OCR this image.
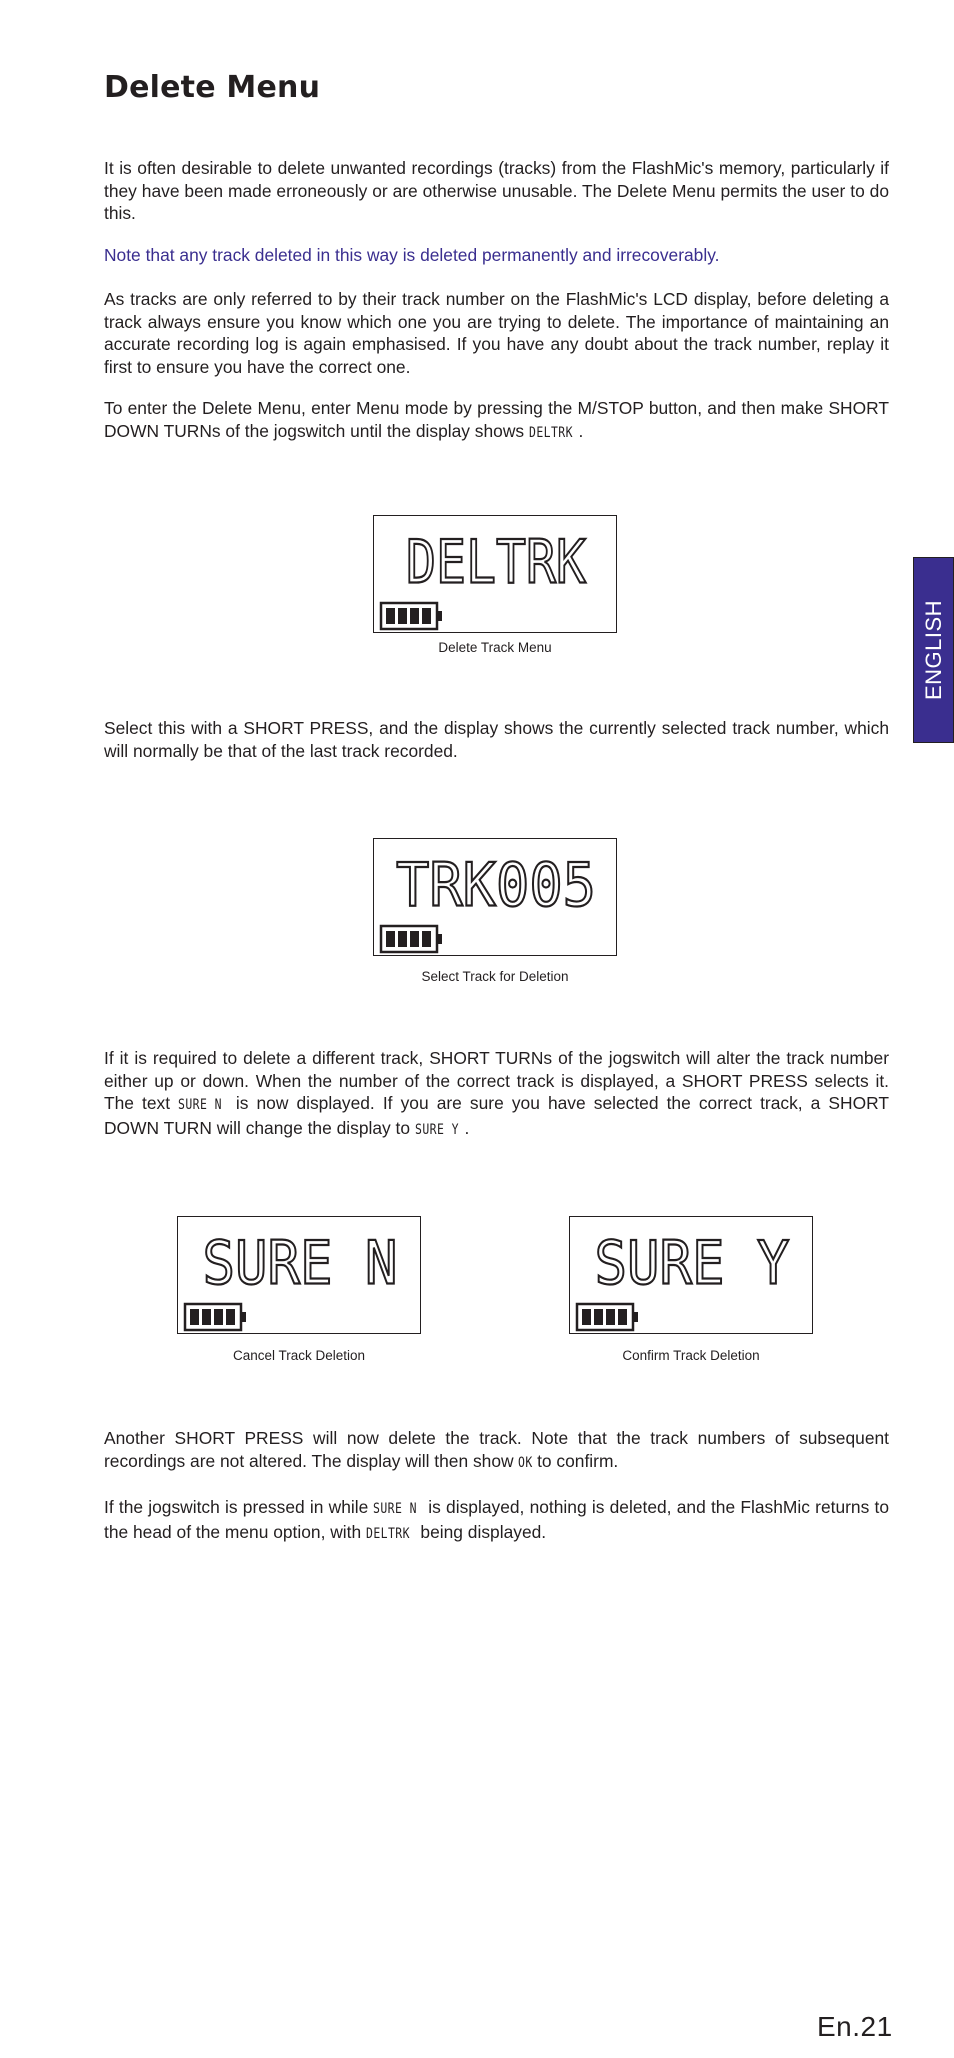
Delete Menu

It is often desirable to delete unwanted recordings (tracks) from the FlashMic's memory, particularly if they have been made erroneously or are otherwise unusable. The Delete Menu permits the user to do this.

Note that any track deleted in this way is deleted permanently and irrecoverably.

As tracks are only referred to by their track number on the FlashMic's LCD display, before deleting a track always ensure you know which one you are trying to delete. The importance of maintaining an accurate recording log is again emphasised. If you have any doubt about the track number, replay it first to ensure you have the correct one.

To enter the Delete Menu, enter Menu mode by pressing the M/STOP button, and then make SHORT DOWN TURNs of the jogswitch until the display shows DELTRK .

DELTRK

Delete Track Menu

Select this with a SHORT PRESS, and the display shows the currently selected track number, which will normally be that of the last track recorded.

TRK005

Select Track for Deletion

If it is required to delete a different track, SHORT TURNs of the jogswitch will alter the track number either up or down. When the number of the correct track is displayed, a SHORT PRESS selects it. The text SURE N is now displayed. If you are sure you have selected the correct track, a SHORT DOWN TURN will change the display to SURE Y .

SURE N

Cancel Track Deletion

SURE Y

Confirm Track Deletion

Another SHORT PRESS will now delete the track. Note that the track numbers of subsequent recordings are not altered. The display will then show OK to confirm.

If the jogswitch is pressed in while SURE N is displayed, nothing is deleted, and the FlashMic returns to the head of the menu option, with DELTRK being displayed.

ENGLISH

En.21
